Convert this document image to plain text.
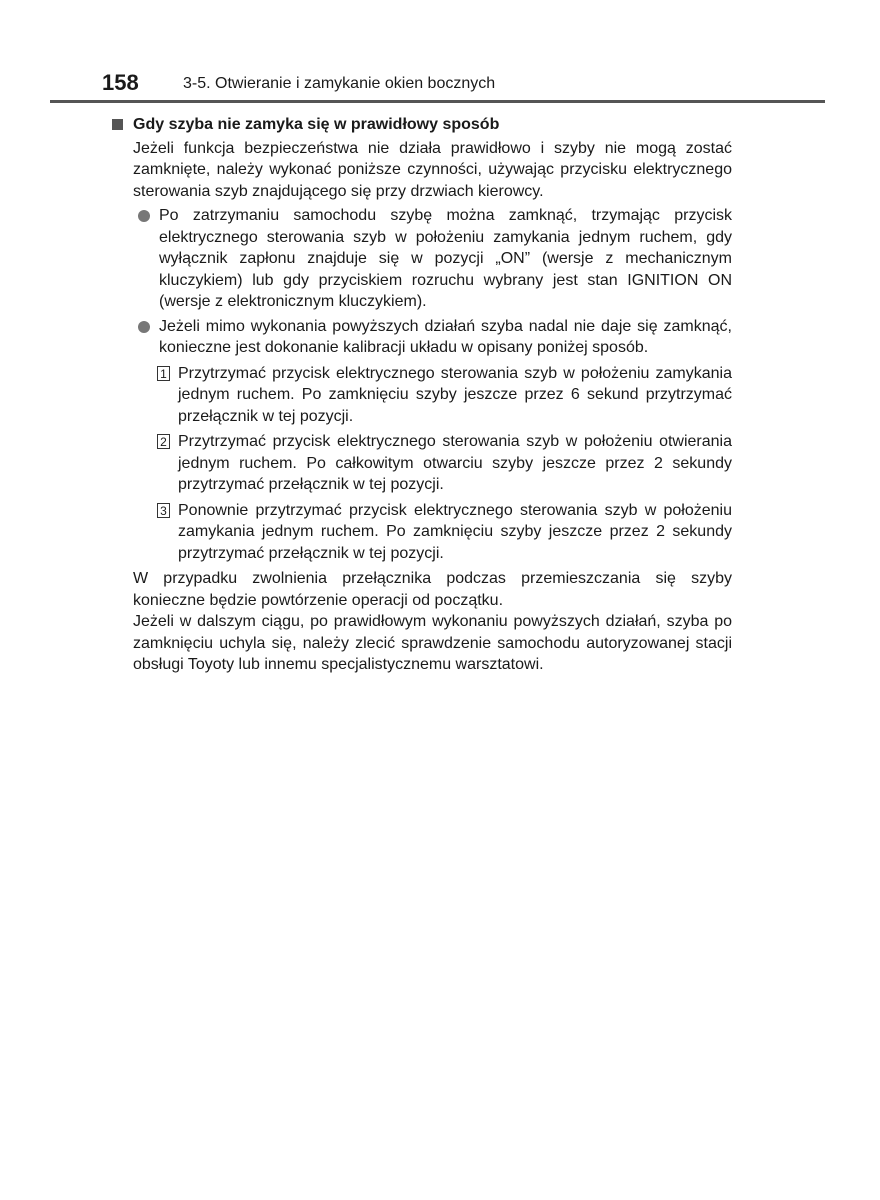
158	3-5. Otwieranie i zamykanie okien bocznych
Gdy szyba nie zamyka się w prawidłowy sposób
Jeżeli funkcja bezpieczeństwa nie działa prawidłowo i szyby nie mogą zostać zamknięte, należy wykonać poniższe czynności, używając przycisku elektrycznego sterowania szyb znajdującego się przy drzwiach kierowcy.
Po zatrzymaniu samochodu szybę można zamknąć, trzymając przycisk elektrycznego sterowania szyb w położeniu zamykania jednym ruchem, gdy wyłącznik zapłonu znajduje się w pozycji „ON” (wersje z mechanicznym kluczykiem) lub gdy przyciskiem rozruchu wybrany jest stan IGNITION ON (wersje z elektronicznym kluczykiem).
Jeżeli mimo wykonania powyższych działań szyba nadal nie daje się zamknąć, konieczne jest dokonanie kalibracji układu w opisany poniżej sposób.
1 Przytrzymać przycisk elektrycznego sterowania szyb w położeniu zamykania jednym ruchem. Po zamknięciu szyby jeszcze przez 6 sekund przytrzymać przełącznik w tej pozycji.
2 Przytrzymać przycisk elektrycznego sterowania szyb w położeniu otwierania jednym ruchem. Po całkowitym otwarciu szyby jeszcze przez 2 sekundy przytrzymać przełącznik w tej pozycji.
3 Ponownie przytrzymać przycisk elektrycznego sterowania szyb w położeniu zamykania jednym ruchem. Po zamknięciu szyby jeszcze przez 2 sekundy przytrzymać przełącznik w tej pozycji.
W przypadku zwolnienia przełącznika podczas przemieszczania się szyby konieczne będzie powtórzenie operacji od początku.
Jeżeli w dalszym ciągu, po prawidłowym wykonaniu powyższych działań, szyba po zamknięciu uchyla się, należy zlecić sprawdzenie samochodu autoryzowanej stacji obsługi Toyoty lub innemu specjalistycznemu warsztatowi.
